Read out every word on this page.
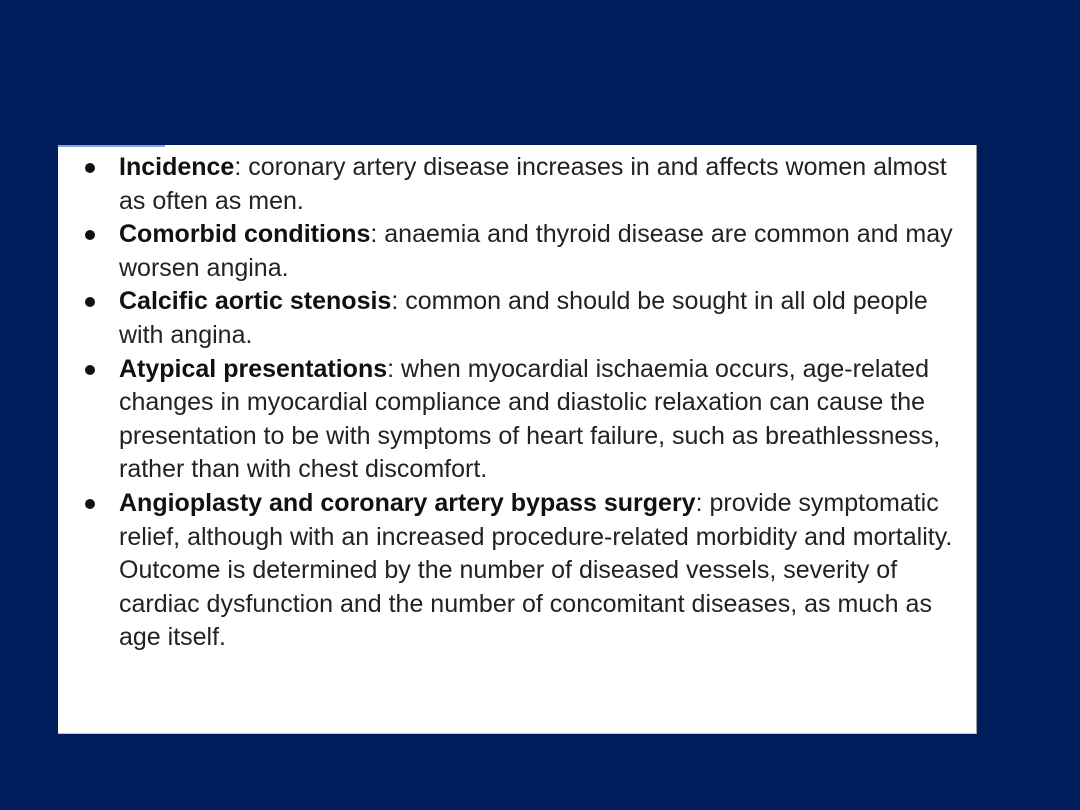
Incidence: coronary artery disease increases in and affects women almost as often as men.
Comorbid conditions: anaemia and thyroid disease are common and may worsen angina.
Calcific aortic stenosis: common and should be sought in all old people with angina.
Atypical presentations: when myocardial ischaemia occurs, age-related changes in myocardial compliance and diastolic relaxation can cause the presentation to be with symptoms of heart failure, such as breathlessness, rather than with chest discomfort.
Angioplasty and coronary artery bypass surgery: provide symptomatic relief, although with an increased procedure-related morbidity and mortality. Outcome is determined by the number of diseased vessels, severity of cardiac dysfunction and the number of concomitant diseases, as much as age itself.
